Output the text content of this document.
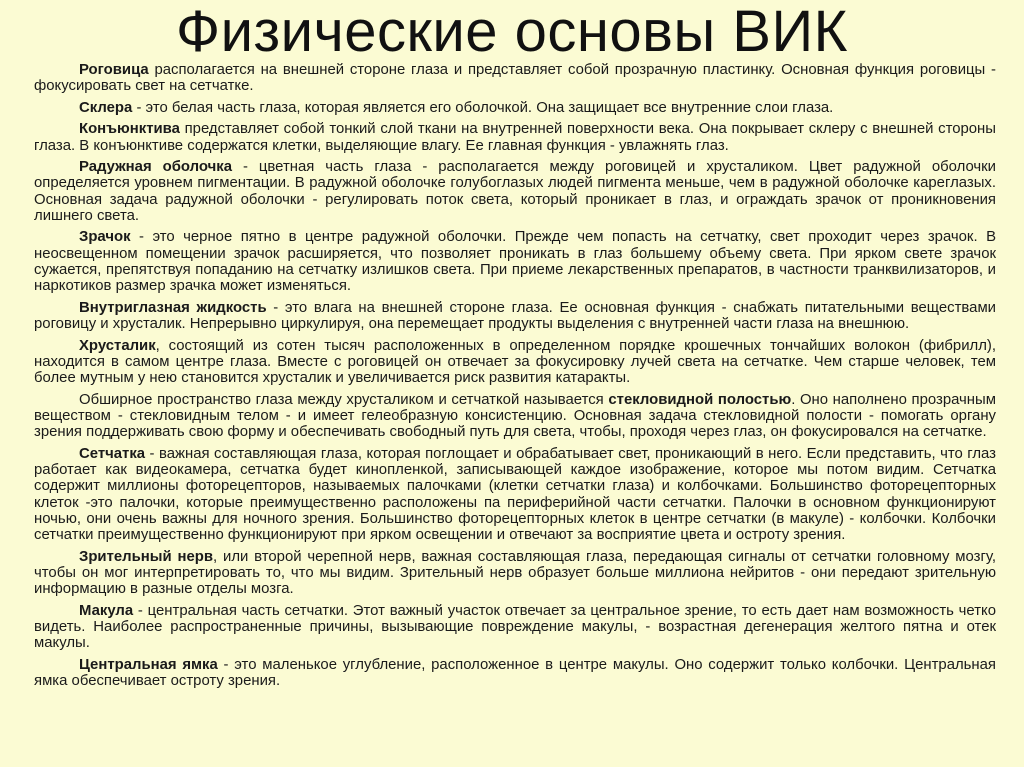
Физические основы ВИК

Роговица располагается на внешней стороне глаза и представляет собой прозрачную пластинку. Основная функция роговицы - фокусировать свет на сетчатке.

Склера - это белая часть глаза, которая является его оболочкой. Она защищает все внутренние слои глаза.

Конъюнктива представляет собой тонкий слой ткани на внутренней поверхности века. Она покрывает склеру с внешней стороны глаза. В конъюнктиве содержатся клетки, выделяющие влагу. Ее главная функция - увлажнять глаз.

Радужная оболочка - цветная часть глаза - располагается между роговицей и хрусталиком. Цвет радужной оболочки определяется уровнем пигментации. В радужной оболочке голубоглазых людей пигмента меньше, чем в радужной оболочке кареглазых. Основная задача радужной оболочки - регулировать поток света, который проникает в глаз, и ограждать зрачок от проникновения лишнего света.

Зрачок - это черное пятно в центре радужной оболочки. Прежде чем попасть на сетчатку, свет проходит через зрачок. В неосвещенном помещении зрачок расширяется, что позволяет проникать в глаз большему объему света. При ярком свете зрачок сужается, препятствуя попаданию на сетчатку излишков света. При приеме лекарственных препаратов, в частности транквилизаторов, и наркотиков размер зрачка может изменяться.

Внутриглазная жидкость - это влага на внешней стороне глаза. Ее основная функция - снабжать питательными веществами роговицу и хрусталик. Непрерывно циркулируя, она перемещает продукты выделения с внутренней части глаза на внешнюю.

Хрусталик, состоящий из сотен тысяч расположенных в определенном порядке крошечных тончайших волокон (фибрилл), находится в самом центре глаза. Вместе с роговицей он отвечает за фокусировку лучей света на сетчатке. Чем старше человек, тем более мутным у нею становится хрусталик и увеличивается риск развития катаракты.

Обширное пространство глаза между хрусталиком и сетчаткой называется стекловидной полостью. Оно наполнено прозрачным веществом - стекловидным телом - и имеет гелеобразную консистенцию. Основная задача стекловидной полости - помогать органу зрения поддерживать свою форму и обеспечивать свободный путь для света, чтобы, проходя через глаз, он фокусировался на сетчатке.

Сетчатка - важная составляющая глаза, которая поглощает и обрабатывает свет, проникающий в него. Если представить, что глаз работает как видеокамера, сетчатка будет кинопленкой, записывающей каждое изображение, которое мы потом видим. Сетчатка содержит миллионы фоторецепторов, называемых палочками (клетки сетчатки глаза) и колбочками. Большинство фоторецепторных клеток -это палочки, которые преимущественно расположены па периферийной части сетчатки. Палочки в основном функционируют ночью, они очень важны для ночного зрения. Большинство фоторецепторных клеток в центре сетчатки (в макуле) - колбочки. Колбочки сетчатки преимущественно функционируют при ярком освещении и отвечают за восприятие цвета и остроту зрения.

Зрительный нерв, или второй черепной нерв, важная составляющая глаза, передающая сигналы от сетчатки головному мозгу, чтобы он мог интерпретировать то, что мы видим. Зрительный нерв образует больше миллиона нейритов - они передают зрительную информацию в разные отделы мозга.

Макула - центральная часть сетчатки. Этот важный участок отвечает за центральное зрение, то есть дает нам возможность четко видеть. Наиболее распространенные причины, вызывающие повреждение макулы, - возрастная дегенерация желтого пятна и отек макулы.

Центральная ямка - это маленькое углубление, расположенное в центре макулы. Оно содержит только колбочки. Центральная ямка обеспечивает остроту зрения.
